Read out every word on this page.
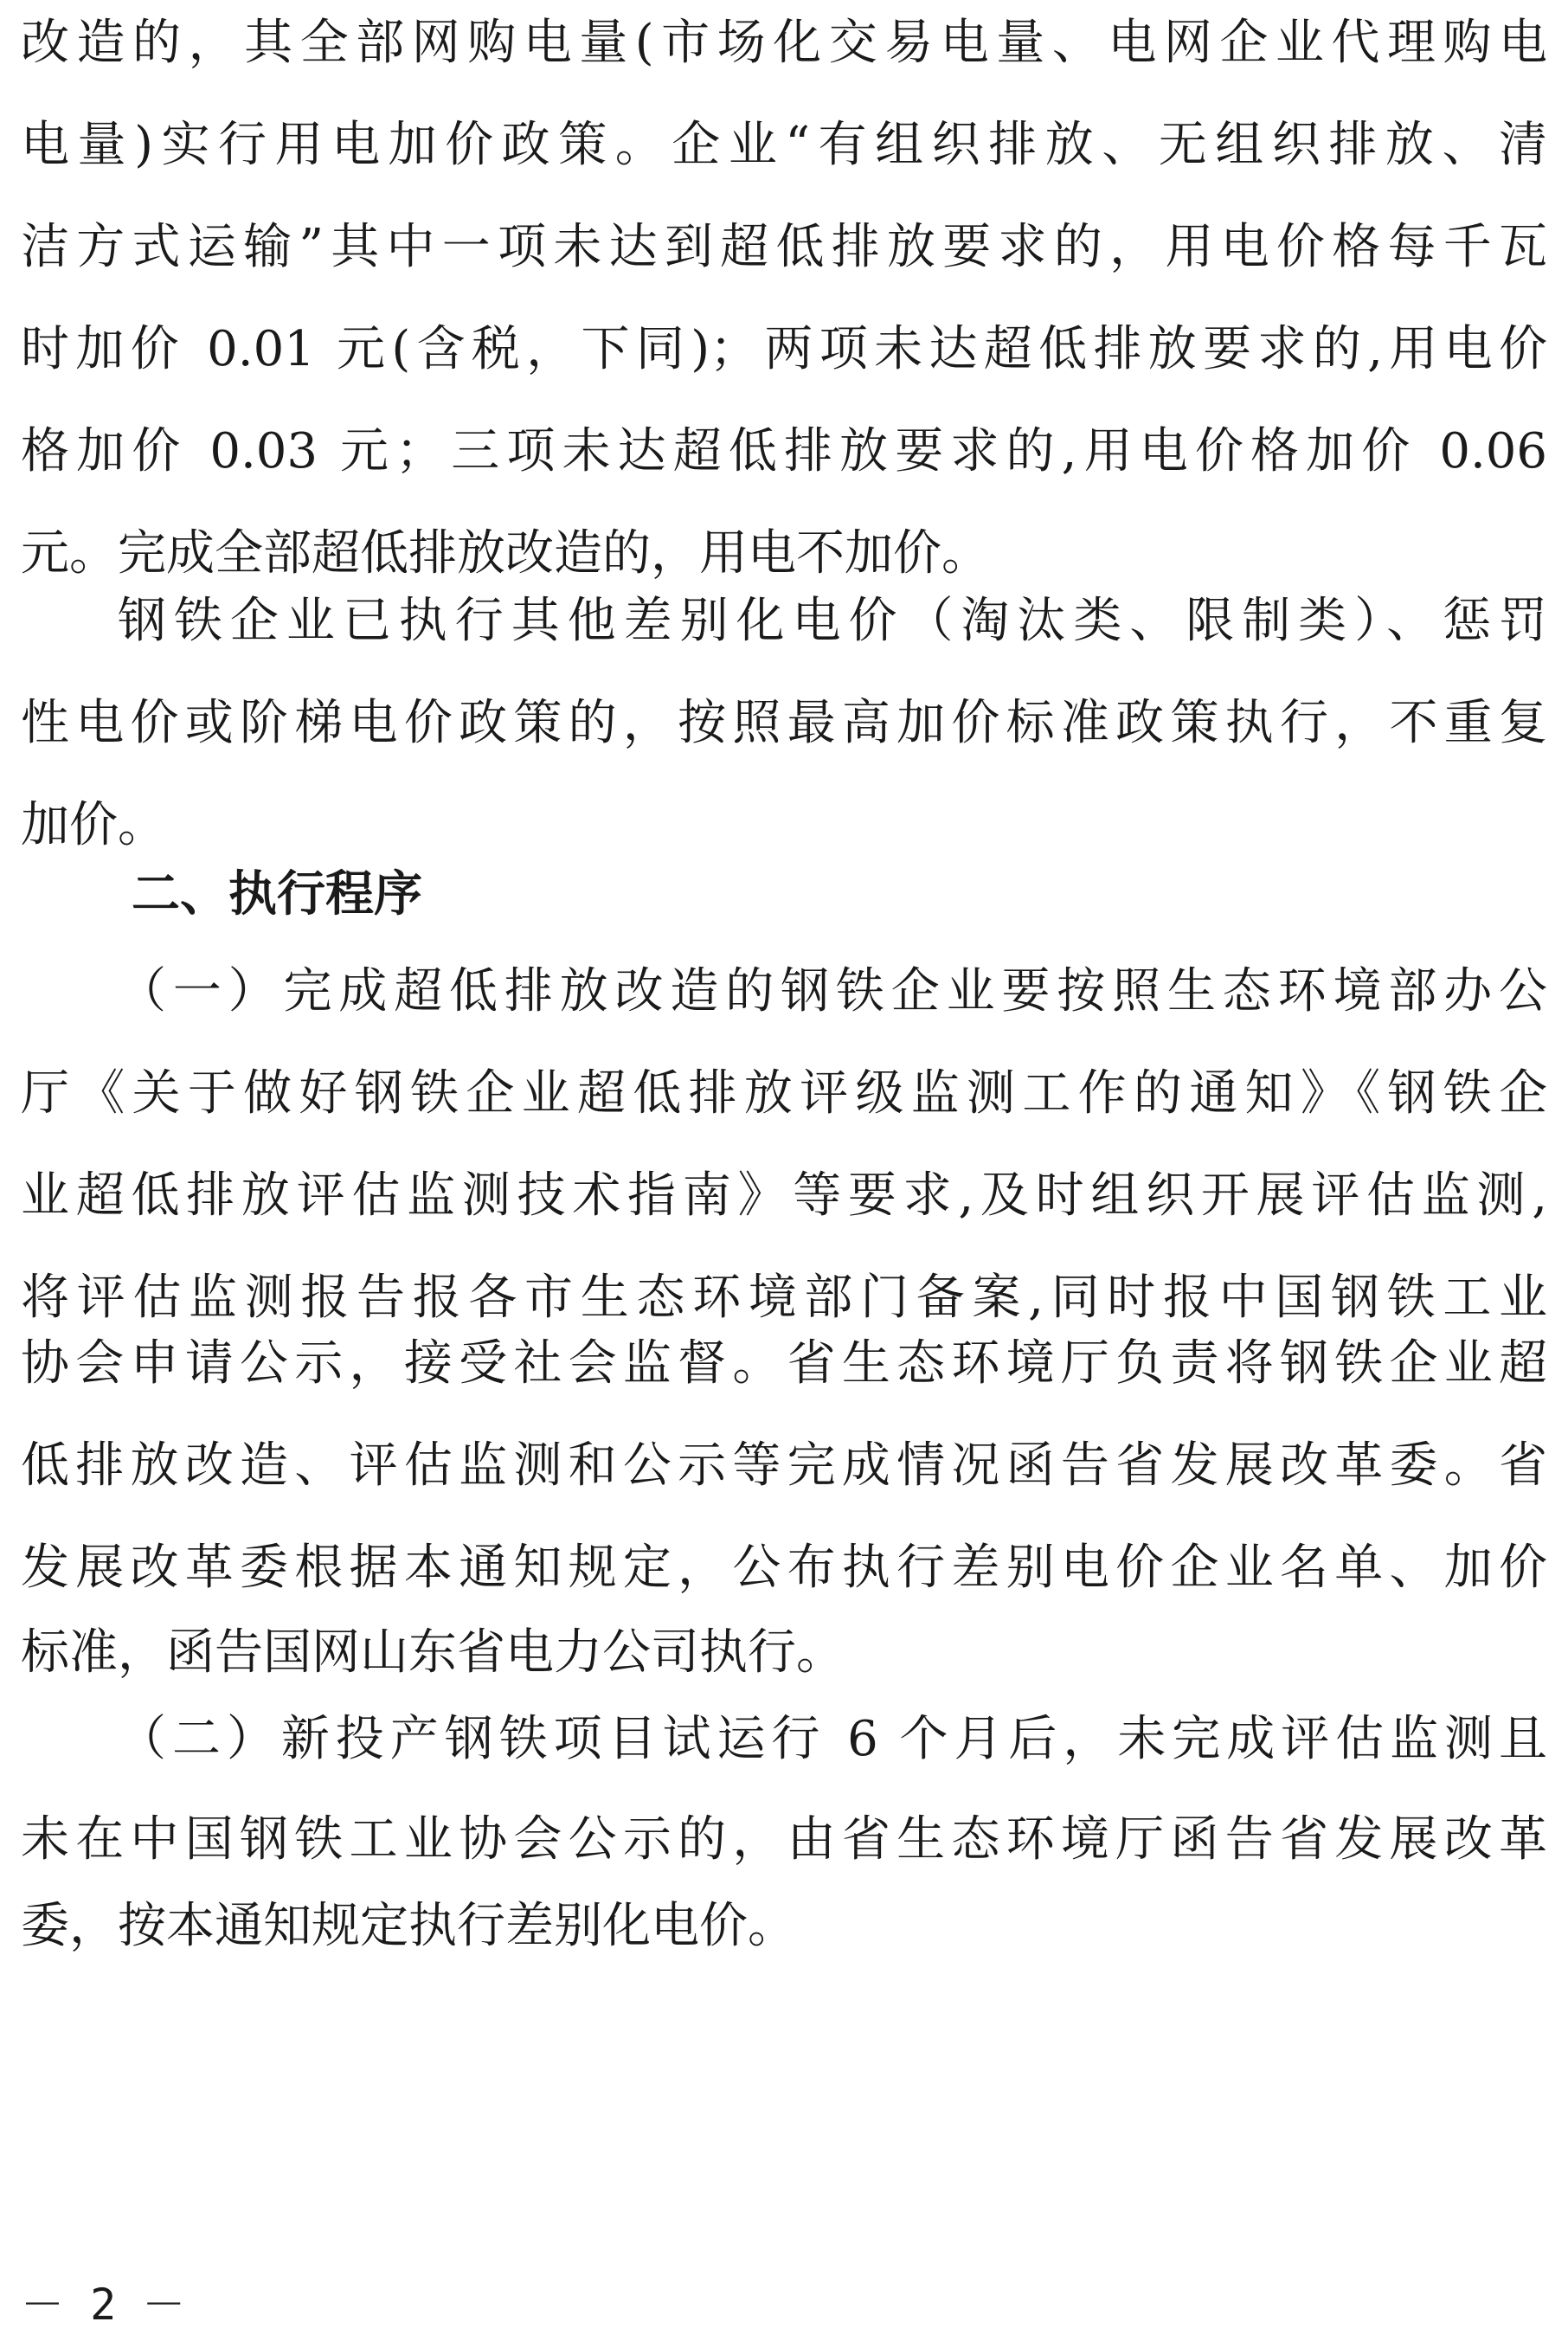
改造的，其全部网购电量(市场化交易电量、电网企业代理购电
电量)实行用电加价政策。企业“有组织排放、无组织排放、清
洁方式运输”其中一项未达到超低排放要求的，用电价格每千瓦
时加价 0.01 元(含税，下同)；两项未达超低排放要求的,用电价
格加价 0.03 元；三项未达超低排放要求的,用电价格加价 0.06
元。完成全部超低排放改造的，用电不加价。
钢铁企业已执行其他差别化电价（淘汰类、限制类）、惩罚
性电价或阶梯电价政策的，按照最高加价标准政策执行，不重复
加价。
二、执行程序
（一）完成超低排放改造的钢铁企业要按照生态环境部办公
厅《关于做好钢铁企业超低排放评级监测工作的通知》《钢铁企
业超低排放评估监测技术指南》等要求,及时组织开展评估监测,
将评估监测报告报各市生态环境部门备案,同时报中国钢铁工业
协会申请公示，接受社会监督。省生态环境厅负责将钢铁企业超
低排放改造、评估监测和公示等完成情况函告省发展改革委。省
发展改革委根据本通知规定，公布执行差别电价企业名单、加价
标准，函告国网山东省电力公司执行。
（二）新投产钢铁项目试运行 6 个月后，未完成评估监测且
未在中国钢铁工业协会公示的，由省生态环境厅函告省发展改革
委，按本通知规定执行差别化电价。
－ 2 －
